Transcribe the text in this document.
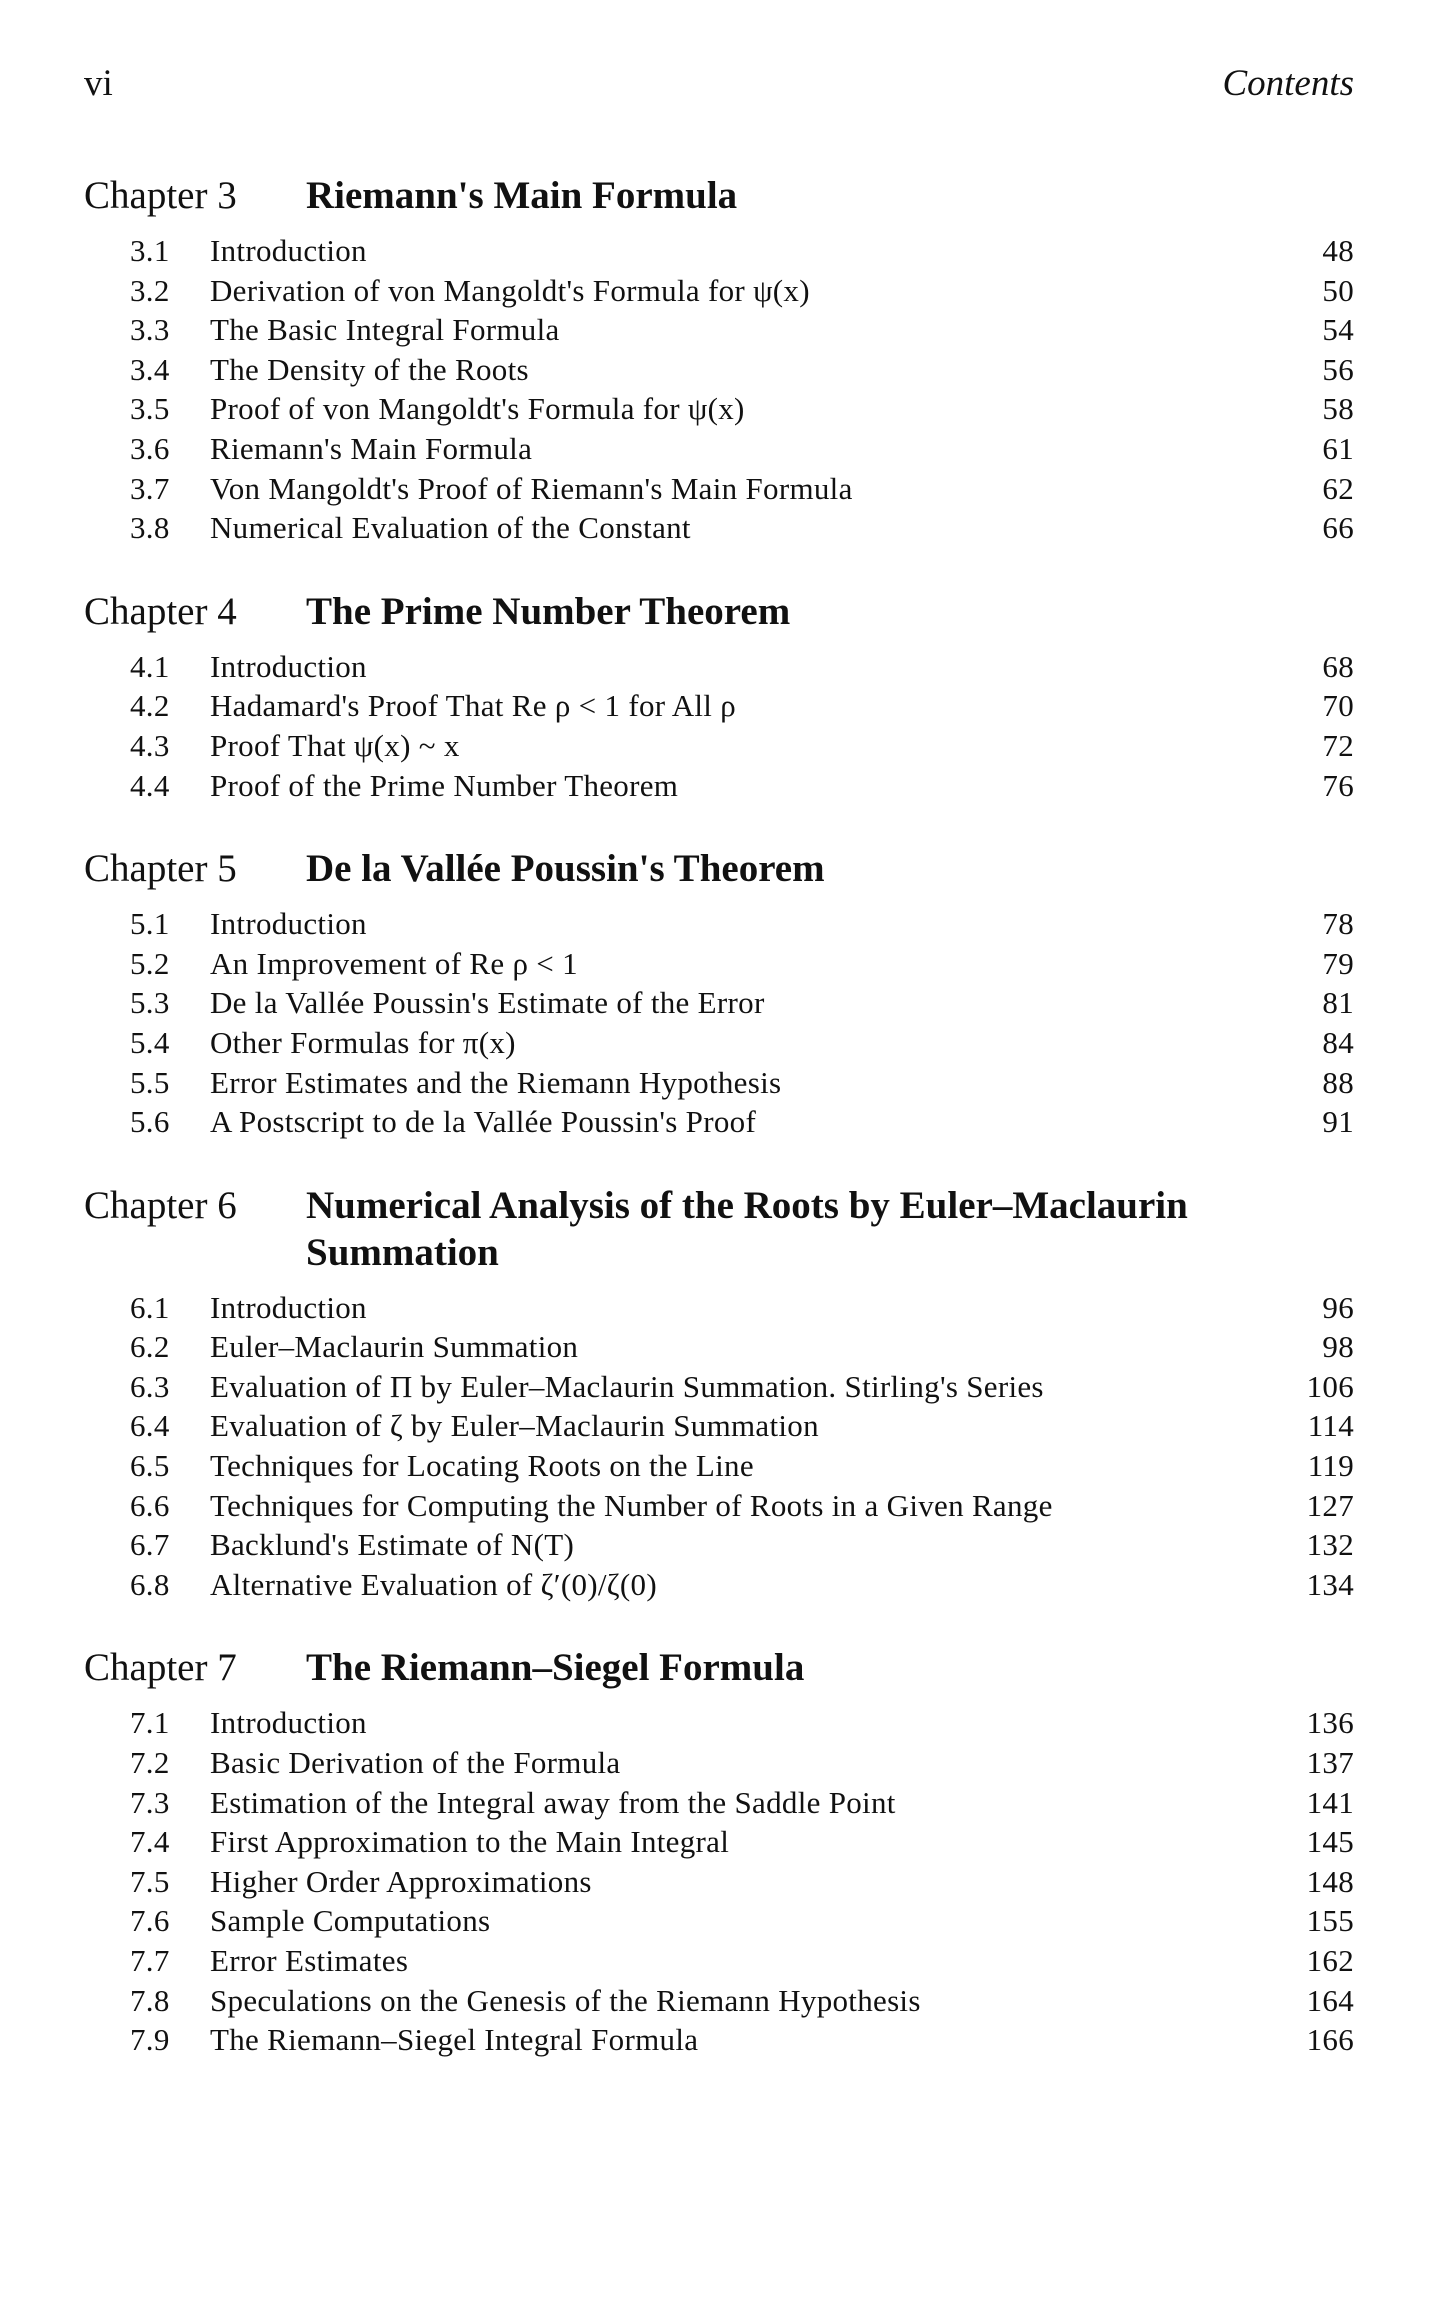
vi	Contents
Chapter 3 Riemann's Main Formula
3.1 Introduction	48
3.2 Derivation of von Mangoldt's Formula for ψ(x)	50
3.3 The Basic Integral Formula	54
3.4 The Density of the Roots	56
3.5 Proof of von Mangoldt's Formula for ψ(x)	58
3.6 Riemann's Main Formula	61
3.7 Von Mangoldt's Proof of Riemann's Main Formula	62
3.8 Numerical Evaluation of the Constant	66
Chapter 4 The Prime Number Theorem
4.1 Introduction	68
4.2 Hadamard's Proof That Re ρ < 1 for All ρ	70
4.3 Proof That ψ(x) ~ x	72
4.4 Proof of the Prime Number Theorem	76
Chapter 5 De la Vallée Poussin's Theorem
5.1 Introduction	78
5.2 An Improvement of Re ρ < 1	79
5.3 De la Vallée Poussin's Estimate of the Error	81
5.4 Other Formulas for π(x)	84
5.5 Error Estimates and the Riemann Hypothesis	88
5.6 A Postscript to de la Vallée Poussin's Proof	91
Chapter 6 Numerical Analysis of the Roots by Euler–Maclaurin Summation
6.1 Introduction	96
6.2 Euler–Maclaurin Summation	98
6.3 Evaluation of Π by Euler–Maclaurin Summation. Stirling's Series	106
6.4 Evaluation of ζ by Euler–Maclaurin Summation	114
6.5 Techniques for Locating Roots on the Line	119
6.6 Techniques for Computing the Number of Roots in a Given Range	127
6.7 Backlund's Estimate of N(T)	132
6.8 Alternative Evaluation of ζ′(0)/ζ(0)	134
Chapter 7 The Riemann–Siegel Formula
7.1 Introduction	136
7.2 Basic Derivation of the Formula	137
7.3 Estimation of the Integral away from the Saddle Point	141
7.4 First Approximation to the Main Integral	145
7.5 Higher Order Approximations	148
7.6 Sample Computations	155
7.7 Error Estimates	162
7.8 Speculations on the Genesis of the Riemann Hypothesis	164
7.9 The Riemann–Siegel Integral Formula	166
